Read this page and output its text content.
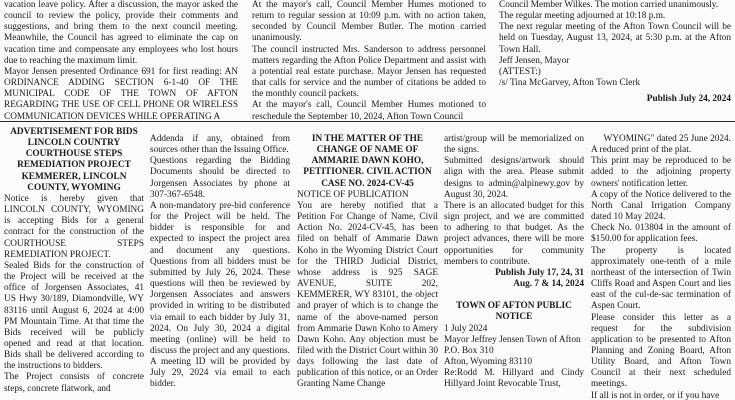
vacation leave policy. After a discussion, the mayor asked the council to review the policy, provide their comments and suggestions, and bring them to the next council meeting. Meanwhile, the Council has agreed to eliminate the cap on vacation time and compensate any employees who lost hours due to reaching the maximum limit.

Mayor Jensen presented Ordinance 691 for first reading: AN ORDINANCE ADDING SECTION 6-1-40 OF THE MUNICIPAL CODE OF THE TOWN OF AFTON REGARDING THE USE OF CELL PHONE OR WIRELESS COMMUNICATION DEVICES WHILE OPERATING A

At the mayor's call, Council Member Humes motioned to return to regular session at 10:09 p.m. with no action taken, seconded by Council Member Butler. The motion carried unanimously.

The council instructed Mrs. Sanderson to address personnel matters regarding the Afton Police Department and assist with a potential real estate purchase. Mayor Jensen has requested that calls for service and the number of citations be added to the monthly council packets.

At the mayor's call, Council Member Humes motioned to reschedule the September 10, 2024, Afton Town Council

Council Member Wilkes. The motion carried unanimously.

The regular meeting adjourned at 10:18 p.m.

The next regular meeting of the Afton Town Council will be held on Tuesday, August 13, 2024, at 5:30 p.m. at the Afton Town Hall.

Jeff Jensen, Mayor

(ATTEST:)

/s/ Tina McGarvey, Afton Town Clerk

Publish July 24, 2024

ADVERTISEMENT FOR BIDS LINCOLN COUNTRY COURTHOUSE STEPS REMEDIATION PROJECT KEMMERER, LINCOLN COUNTY, WYOMING

Notice is hereby given that LINCOLN COUNTY, WYOMING is accepting Bids for a general contract for the construction of the COURTHOUSE STEPS REMEDIATION PROJECT.

Sealed Bids for the construction of the Project will be received at the office of Jorgensen Associates, 41 US Hwy 30/189, Diamondville, WY 83116 until August 6, 2024 at 4:00 PM Mountain Time. At that time the Bids received will be publicly opened and read at that location. Bids shall be delivered according to the instructions to bidders.

The Project consists of concrete steps, concrete flatwork, and

Addenda if any, obtained from sources other than the Issuing Office.

Questions regarding the Bidding Documents should be directed to Jorgensen Associates by phone at 307-367-6548.

A non-mandatory pre-bid conference for the Project will be held. The bidder is responsible for and expected to inspect the project area and document any questions. Questions from all bidders must be submitted by July 26, 2024. These questions will then be reviewed by Jorgensen Associates and answers provided in writing to be distributed via email to each bidder by July 31, 2024. On July 30, 2024 a digital meeting (online) will be held to discuss the project and any questions. A meeting ID will be provided by July 29, 2024 via email to each bidder.

IN THE MATTER OF THE CHANGE OF NAME OF AMMARIE DAWN KOHO, PETITIONER. CIVIL ACTION CASE NO. 2024-CV-45

NOTICE OF PUBLICATION

You are hereby notified that a Petition For Change of Name, Civil Action No. 2024-CV-45, has been filed on behalf of Ammarie Dawn Koho in the Wyoming District Court for the THIRD Judicial District, whose address is 925 SAGE AVENUE, SUITE 202, KEMMERER, WY 83101, the object and prayer of which is to change the name of the above-named person from Ammarie Dawn Koho to Amery Dawn Koho. Any objection must be filed with the District Court within 30 days following the last date of publication of this notice, or an Order Granting Name Change

artist/group will be memorialized on the signs.

Submitted designs/artwork should align with the area. Please submit designs to admin@alpinewy.gov by August 30, 2024.

There is an allocated budget for this sign project, and we are committed to adhering to that budget. As the project advances, there will be more opportunities for community members to contribute.

Publish July 17, 24, 31

Aug. 7 & 14, 2024

TOWN OF AFTON PUBLIC NOTICE

1 July 2024

Mayor Jeffrey Jensen Town of Afton

P.O. Box 310

Afton, Wyoming 83110

Re:Rodd M. Hillyard and Cindy Hillyard Joint Revocable Trust,

WYOMING" dated 25 June 2024.

A reduced print of the plat.

This print may be reproduced to be added to the adjoining property owners' notification letter.

A copy of the Notice delivered to the North Canal Irrigation Company dated 10 May 2024.

Check No. 013804 in the amount of $150.00 for application fees.

The property is located approximately one-tenth of a mile northeast of the intersection of Twin Cliffs Road and Aspen Court and lies east of the cul-de-sac termination of Aspen Court.

Please consider this letter as a request for the subdivision application to be presented to Afton Planning and Zoning Board, Afton Utility Board, and Afton Town Council at their next scheduled meetings.

If all is not in order, or if you have
